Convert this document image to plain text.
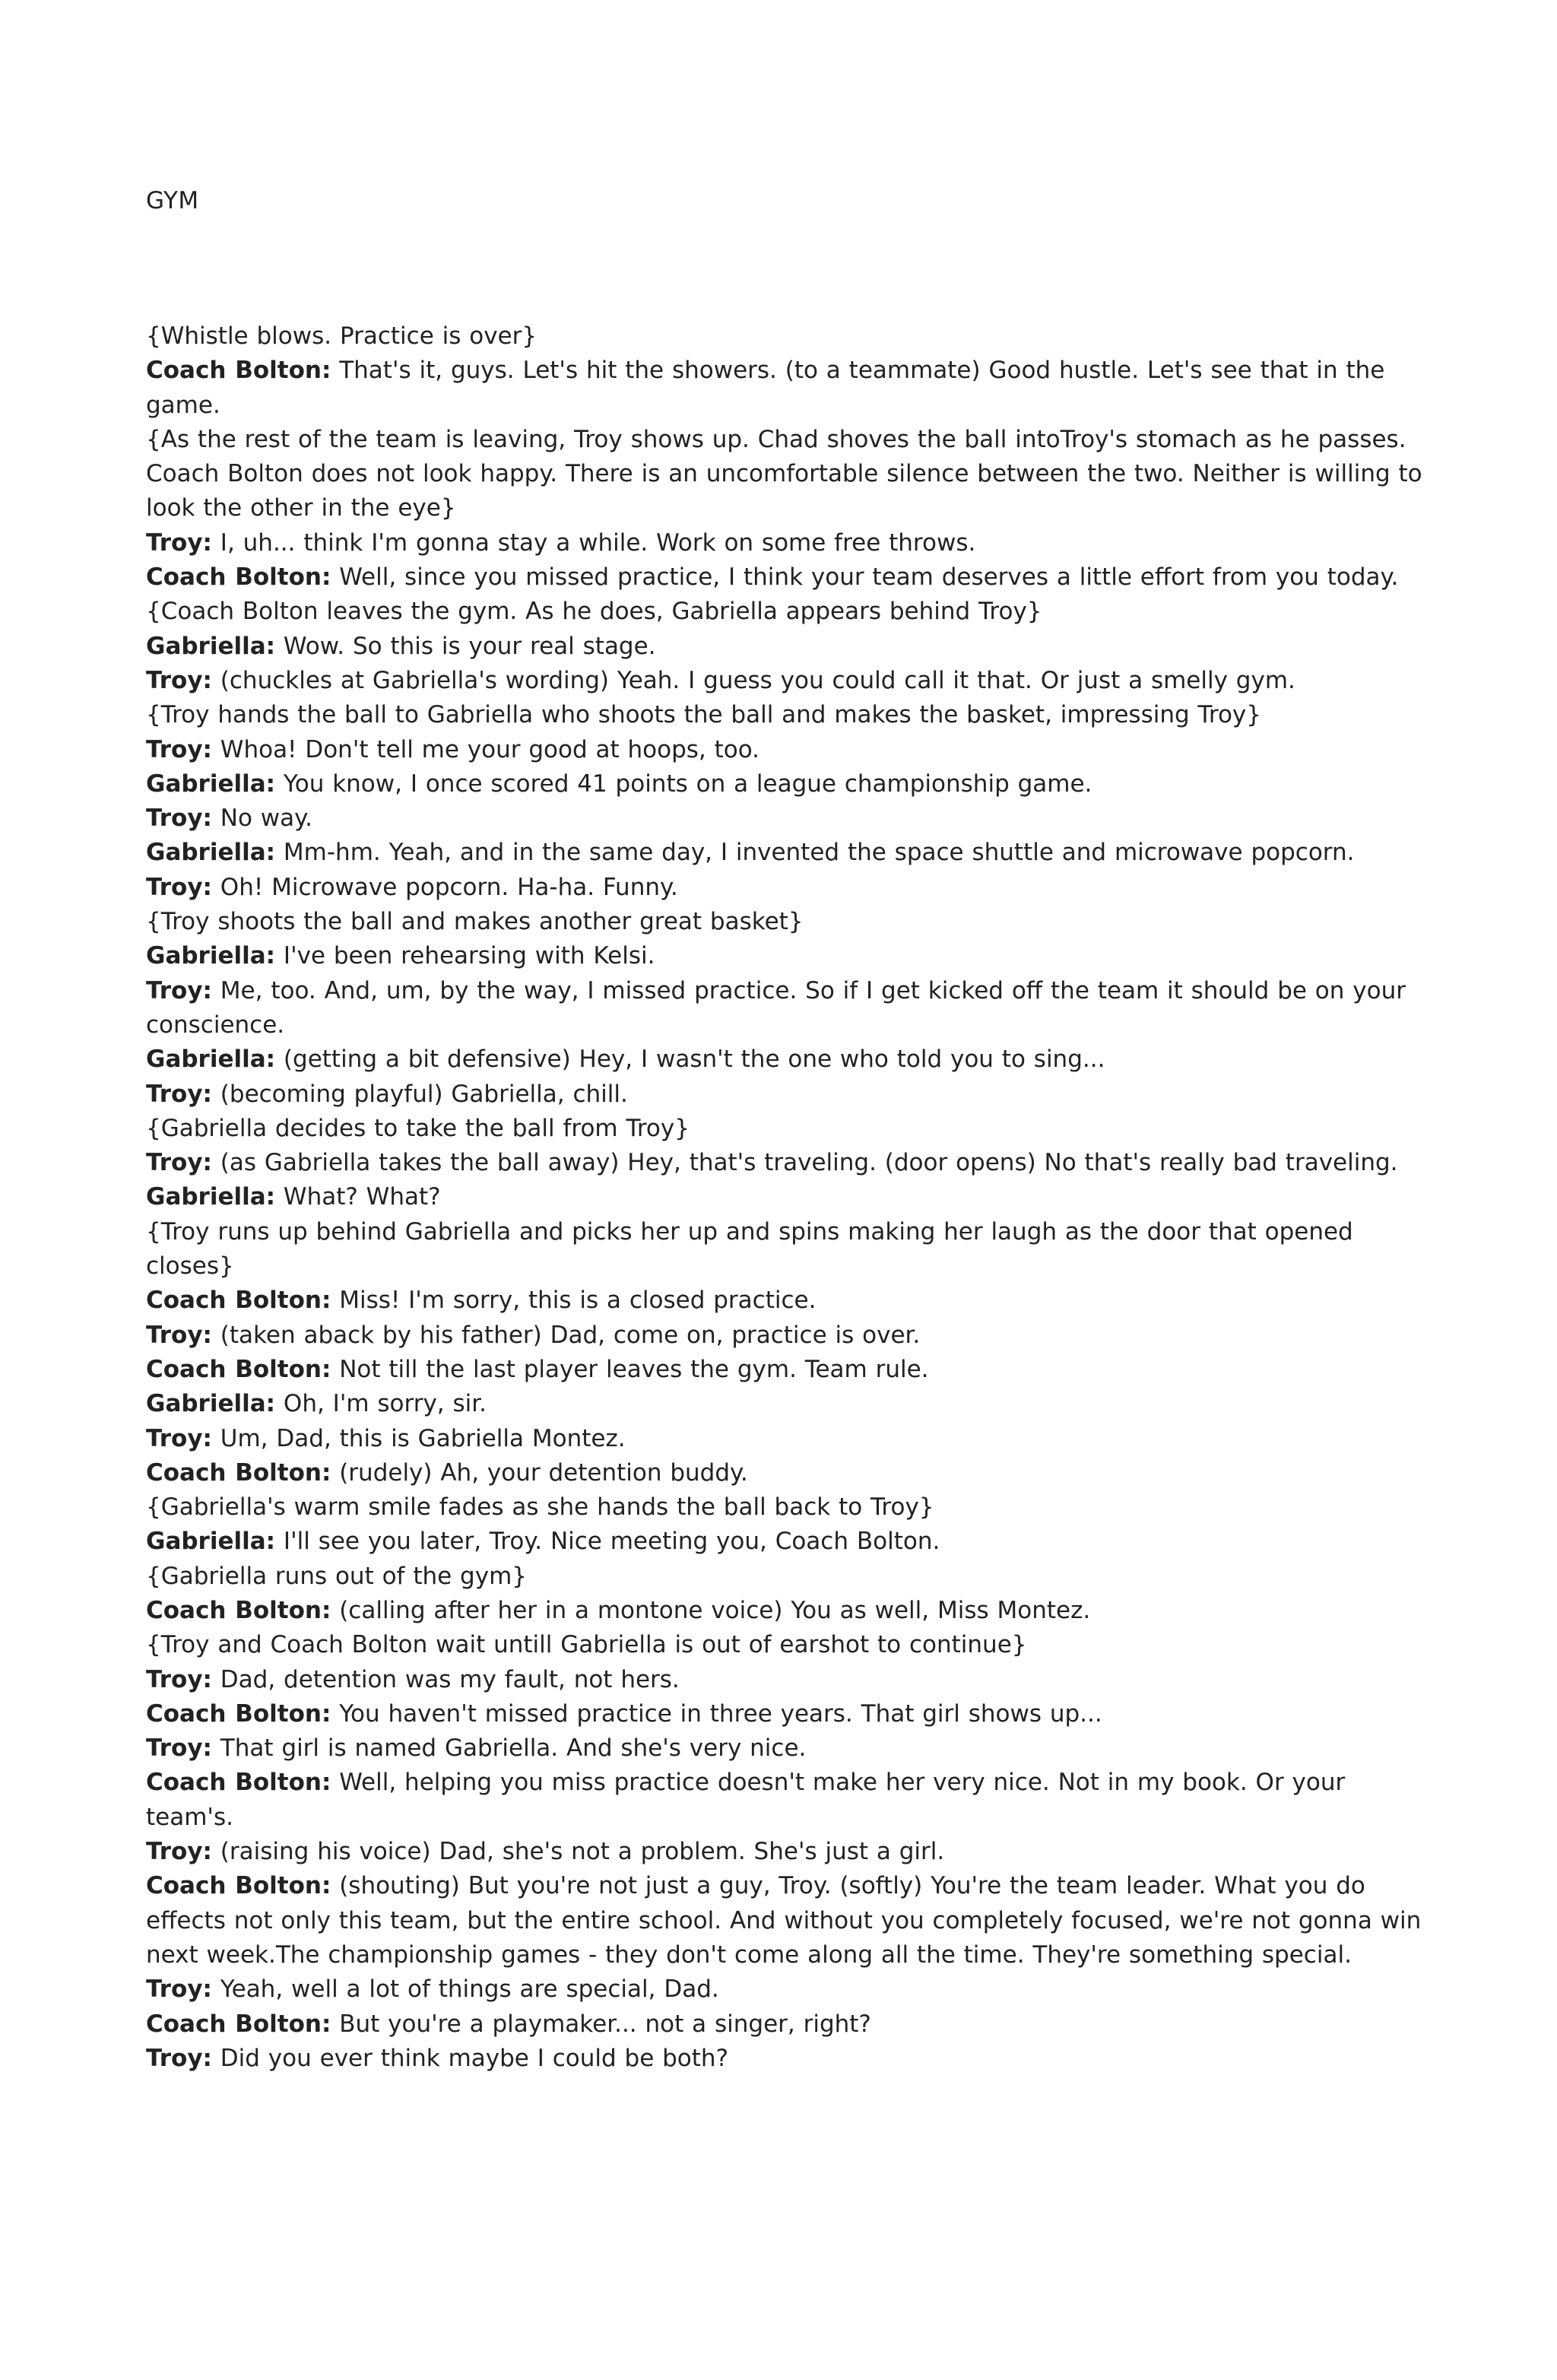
GYM

{Whistle blows. Practice is over}

Coach Bolton: That's it, guys. Let's hit the showers. (to a teammate) Good hustle. Let's see that in the game.

{As the rest of the team is leaving, Troy shows up. Chad shoves the ball intoTroy's stomach as he passes. Coach Bolton does not look happy. There is an uncomfortable silence between the two. Neither is willing to look the other in the eye}

Troy: I, uh... think I'm gonna stay a while. Work on some free throws.

Coach Bolton: Well, since you missed practice, I think your team deserves a little effort from you today.

{Coach Bolton leaves the gym. As he does, Gabriella appears behind Troy}

Gabriella: Wow. So this is your real stage.

Troy: (chuckles at Gabriella's wording) Yeah. I guess you could call it that. Or just a smelly gym.

{Troy hands the ball to Gabriella who shoots the ball and makes the basket, impressing Troy}

Troy: Whoa! Don't tell me your good at hoops, too.

Gabriella: You know, I once scored 41 points on a league championship game.

Troy: No way.

Gabriella: Mm-hm. Yeah, and in the same day, I invented the space shuttle and microwave popcorn.

Troy: Oh! Microwave popcorn. Ha-ha. Funny.

{Troy shoots the ball and makes another great basket}

Gabriella: I've been rehearsing with Kelsi.

Troy: Me, too. And, um, by the way, I missed practice. So if I get kicked off the team it should be on your conscience.

Gabriella: (getting a bit defensive) Hey, I wasn't the one who told you to sing...

Troy: (becoming playful) Gabriella, chill.

{Gabriella decides to take the ball from Troy}

Troy: (as Gabriella takes the ball away) Hey, that's traveling. (door opens) No that's really bad traveling.

Gabriella: What? What?

{Troy runs up behind Gabriella and picks her up and spins making her laugh as the door that opened closes}

Coach Bolton: Miss! I'm sorry, this is a closed practice.

Troy: (taken aback by his father) Dad, come on, practice is over.

Coach Bolton: Not till the last player leaves the gym. Team rule.

Gabriella: Oh, I'm sorry, sir.

Troy: Um, Dad, this is Gabriella Montez.

Coach Bolton: (rudely) Ah, your detention buddy.

{Gabriella's warm smile fades as she hands the ball back to Troy}

Gabriella: I'll see you later, Troy. Nice meeting you, Coach Bolton.

{Gabriella runs out of the gym}

Coach Bolton: (calling after her in a montone voice) You as well, Miss Montez.

{Troy and Coach Bolton wait untill Gabriella is out of earshot to continue}

Troy: Dad, detention was my fault, not hers.

Coach Bolton: You haven't missed practice in three years. That girl shows up...

Troy: That girl is named Gabriella. And she's very nice.

Coach Bolton: Well, helping you miss practice doesn't make her very nice. Not in my book. Or your team's.

Troy: (raising his voice) Dad, she's not a problem. She's just a girl.

Coach Bolton: (shouting) But you're not just a guy, Troy. (softly) You're the team leader. What you do effects not only this team, but the entire school. And without you completely focused, we're not gonna win next week.The championship games - they don't come along all the time. They're something special.

Troy: Yeah, well a lot of things are special, Dad.

Coach Bolton: But you're a playmaker... not a singer, right?

Troy: Did you ever think maybe I could be both?
